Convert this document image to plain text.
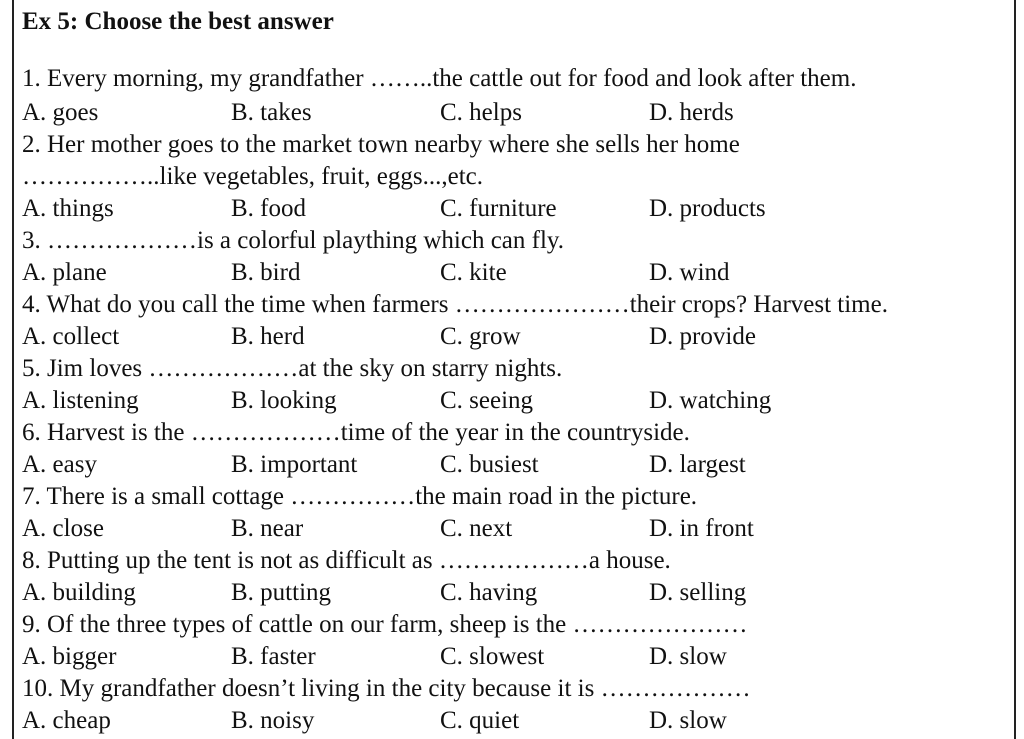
Ex 5: Choose the best answer
1. Every morning, my grandfather ……..the cattle out for food and look after them.
A. goes	B. takes	C. helps	D. herds
2. Her mother goes to the market town nearby where she sells her home
……………..like vegetables, fruit, eggs...,etc.
A. things	B. food	C. furniture	D. products
3. ………………is a colorful plaything which can fly.
A. plane	B. bird	C. kite	D. wind
4. What do you call the time when farmers …………………their crops? Harvest time.
A. collect	B. herd	C. grow	D. provide
5. Jim loves ………………at the sky on starry nights.
A. listening	B. looking	C. seeing	D. watching
6. Harvest is the ………………time of the year in the countryside.
A. easy	B. important	C. busiest	D. largest
7. There is a small cottage ……………the main road in the picture.
A. close	B. near	C. next	D. in front
8. Putting up the tent is not as difficult as ………………a house.
A. building	B. putting	C. having	D. selling
9. Of the three types of cattle on our farm, sheep is the …………………
A. bigger	B. faster	C. slowest	D. slow
10. My grandfather doesn’t living in the city because it is ………………
A. cheap	B. noisy	C. quiet	D. slow
